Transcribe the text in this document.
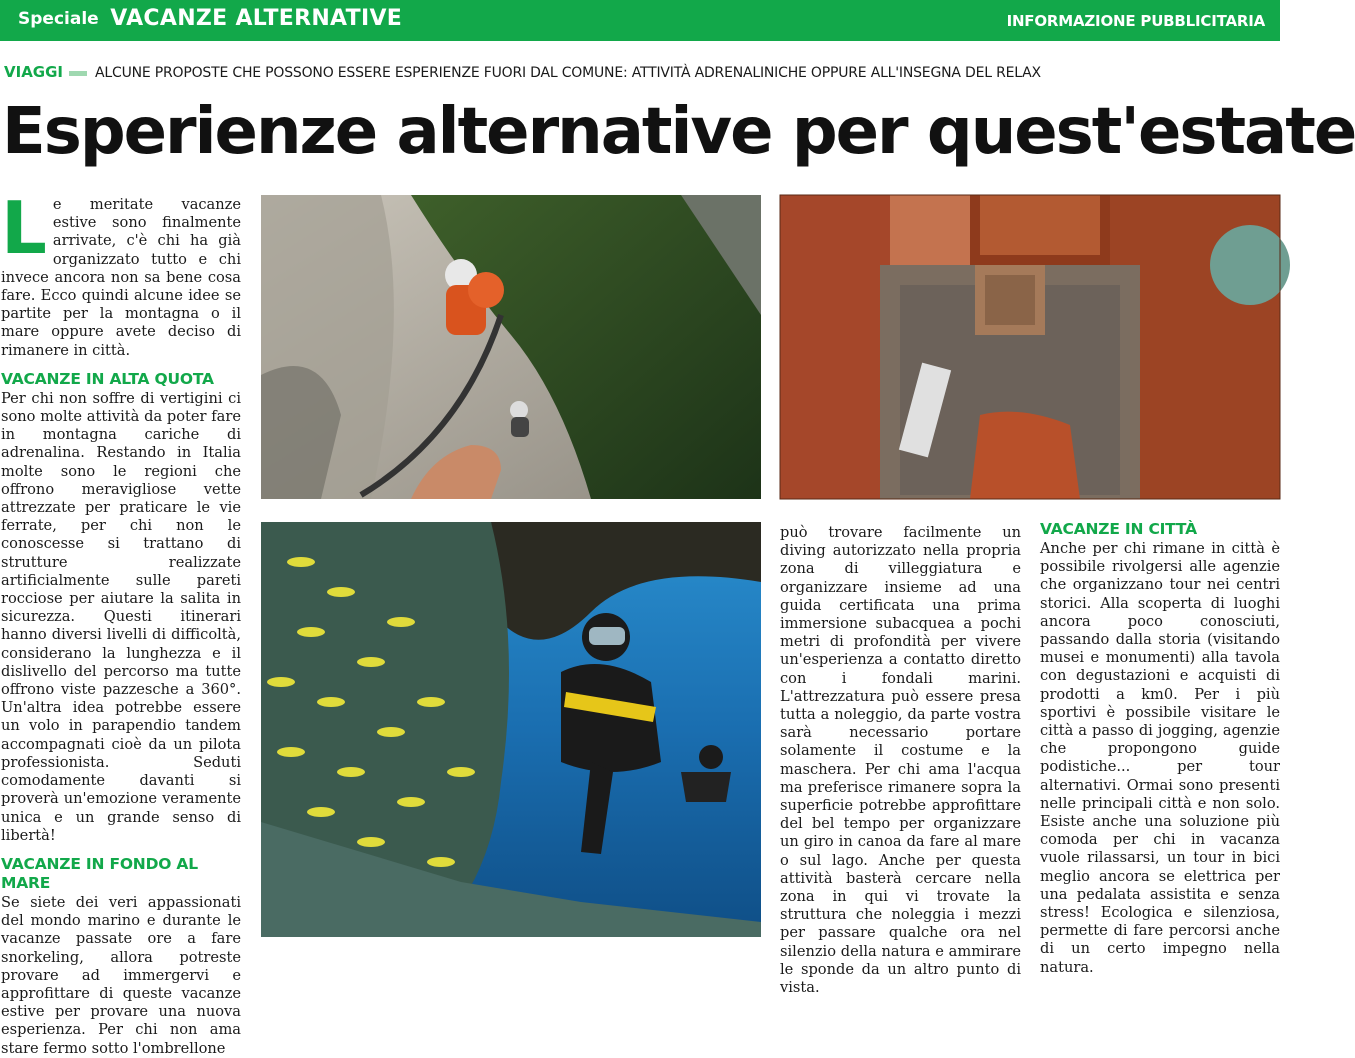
Speciale VACANZE ALTERNATIVE	INFORMAZIONE PUBBLICITARIA
VIAGGI ALCUNE PROPOSTE CHE POSSONO ESSERE ESPERIENZE FUORI DAL COMUNE: ATTIVITÀ ADRENALINICHE OPPURE ALL'INSEGNA DEL RELAX
Esperienze alternative per quest'estate

Le meritate vacanze estive sono finalmente arrivate, c'è chi ha già organizzato tutto e chi invece ancora non sa bene cosa fare. Ecco quindi alcune idee se partite per la montagna o il mare oppure avete deciso di rimanere in città.

VACANZE IN ALTA QUOTA

Per chi non soffre di vertigini ci sono molte attività da poter fare in montagna cariche di adrenalina. Restando in Italia molte sono le regioni che offrono meravigliose vette attrezzate per praticare le vie ferrate, per chi non le conoscesse si trattano di strutture realizzate artificialmente sulle pareti rocciose per aiutare la salita in sicurezza. Questi itinerari hanno diversi livelli di difficoltà, considerano la lunghezza e il dislivello del percorso ma tutte offrono viste pazzesche a 360°. Un'altra idea potrebbe essere un volo in parapendio tandem accompagnati cioè da un pilota professionista. Seduti comodamente davanti si proverà un'emozione veramente unica e un grande senso di libertà!

VACANZE IN FONDO AL MARE

Se siete dei veri appassionati del mondo marino e durante le vacanze passate ore a fare snorkeling, allora potreste provare ad immergervi e approfittare di queste vacanze estive per provare una nuova esperienza. Per chi non ama stare fermo sotto l'ombrellone

può trovare facilmente un diving autorizzato nella propria zona di villeggiatura e organizzare insieme ad una guida certificata una prima immersione subacquea a pochi metri di profondità per vivere un'esperienza a contatto diretto con i fondali marini. L'attrezzatura può essere presa tutta a noleggio, da parte vostra sarà necessario portare solamente il costume e la maschera. Per chi ama l'acqua ma preferisce rimanere sopra la superficie potrebbe approfittare del bel tempo per organizzare un giro in canoa da fare al mare o sul lago. Anche per questa attività basterà cercare nella zona in qui vi trovate la struttura che noleggia i mezzi per passare qualche ora nel silenzio della natura e ammirare le sponde da un altro punto di vista.

VACANZE IN CITTÀ

Anche per chi rimane in città è possibile rivolgersi alle agenzie che organizzano tour nei centri storici. Alla scoperta di luoghi ancora poco conosciuti, passando dalla storia (visitando musei e monumenti) alla tavola con degustazioni e acquisti di prodotti a km0. Per i più sportivi è possibile visitare le città a passo di jogging, agenzie che propongono guide podistiche... per tour alternativi. Ormai sono presenti nelle principali città e non solo. Esiste anche una soluzione più comoda per chi in vacanza vuole rilassarsi, un tour in bici meglio ancora se elettrica per una pedalata assistita e senza stress! Ecologica e silenziosa, permette di fare percorsi anche di un certo impegno nella natura.
